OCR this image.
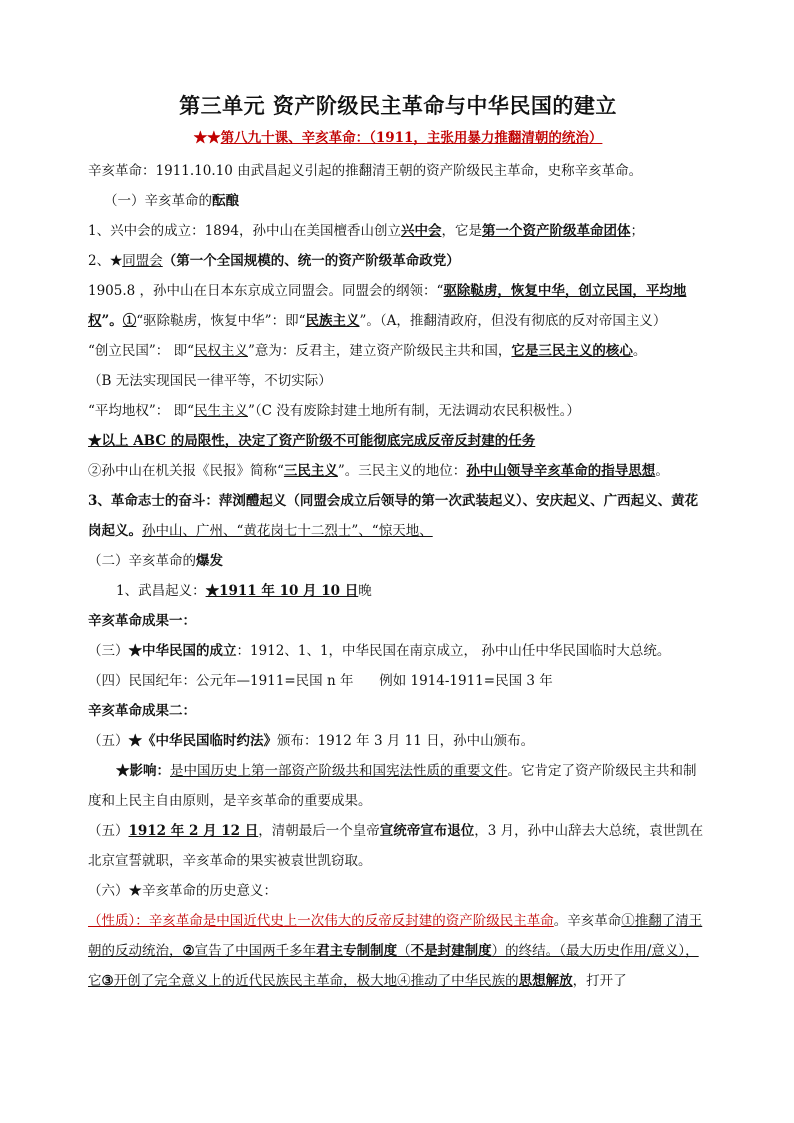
第三单元 资产阶级民主革命与中华民国的建立
★★第八九十课、辛亥革命：（1911，主张用暴力推翻清朝的统治）
辛亥革命：1911.10.10 由武昌起义引起的推翻清王朝的资产阶级民主革命，史称辛亥革命。
（一）辛亥革命的酝酿
1、兴中会的成立：1894，孙中山在美国檀香山创立兴中会，它是第一个资产阶级革命团体；
2、★同盟会（第一个全国规模的、统一的资产阶级革命政党）
1905.8 ，孙中山在日本东京成立同盟会。同盟会的纲领：“驱除鞑虏，恢复中华，创立民国，平均地权”。①“驱除鞑虏，恢复中华”：即“民族主义”。（A，推翻清政府，但没有彻底的反对帝国主义）
“创立民国”： 即“民权主义”意为：反君主，建立资产阶级民主共和国，它是三民主义的核心。
（B 无法实现国民一律平等，不切实际）
“平均地权”： 即“民生主义”（C 没有废除封建土地所有制，无法调动农民积极性。）
★以上 ABC 的局限性，决定了资产阶级不可能彻底完成反帝反封建的任务
②孙中山在机关报《民报》简称“三民主义”。三民主义的地位：孙中山领导辛亥革命的指导思想。
3、革命志士的奋斗：萍浏醴起义（同盟会成立后领导的第一次武装起义）、安庆起义、广西起义、黄花岗起义。孙中山、广州、“黄花岗七十二烈士”、“惊天地、
（二）辛亥革命的爆发
1、武昌起义：★1911 年 10 月 10 日晚
辛亥革命成果一：
（三）★中华民国的成立：1912、1、1，中华民国在南京成立， 孙中山任中华民国临时大总统。
（四）民国纪年：公元年—1911=民国 n 年      例如 1914-1911=民国 3 年
辛亥革命成果二：
（五）★《中华民国临时约法》颁布：1912 年 3 月 11 日，孙中山颁布。
★影响：是中国历史上第一部资产阶级共和国宪法性质的重要文件。它肯定了资产阶级民主共和制度和上民主自由原则，是辛亥革命的重要成果。
（五）1912 年 2 月 12 日，清朝最后一个皇帝宣统帝宣布退位，3 月，孙中山辞去大总统，袁世凯在北京宣誓就职，辛亥革命的果实被袁世凯窃取。
（六）★辛亥革命的历史意义：
（性质）：辛亥革命是中国近代史上一次伟大的反帝反封建的资产阶级民主革命。辛亥革命①推翻了清王朝的反动统治，②宣告了中国两千多年君主专制制度（不是封建制度）的终结。（最大历史作用/意义），它③开创了完全意义上的近代民族民主革命，极大地④推动了中华民族的思想解放，打开了
